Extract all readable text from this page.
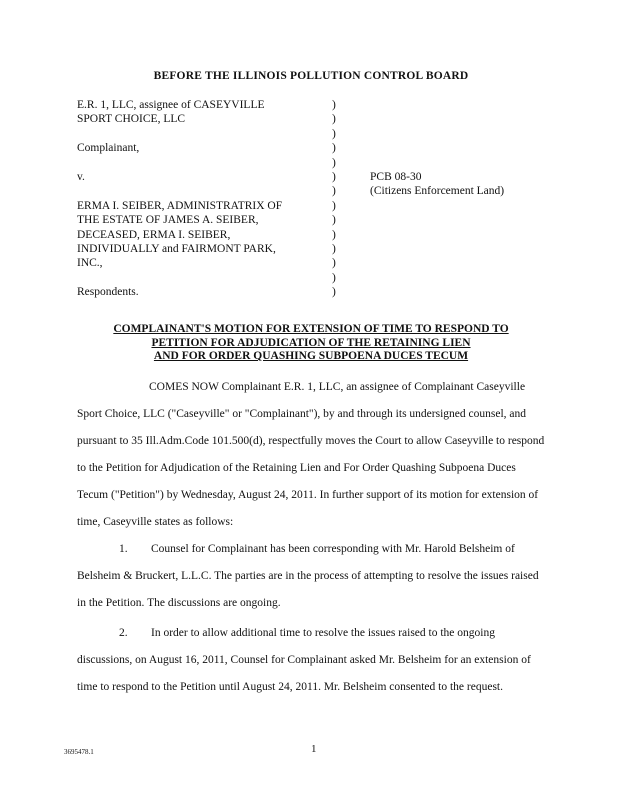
BEFORE THE ILLINOIS POLLUTION CONTROL BOARD
E.R. 1, LLC, assignee of CASEYVILLE
SPORT CHOICE, LLC
Complainant,
v.
ERMA I. SEIBER, ADMINISTRATRIX OF
THE ESTATE OF JAMES A. SEIBER,
DECEASED, ERMA I. SEIBER,
INDIVIDUALLY and FAIRMONT PARK,
INC.,
Respondents.
)
)
)
)
)
)
)
)
)
)
)
)
)
)
PCB 08-30
(Citizens Enforcement Land)
COMPLAINANT'S MOTION FOR EXTENSION OF TIME TO RESPOND TO
PETITION FOR ADJUDICATION OF THE RETAINING LIEN
AND FOR ORDER QUASHING SUBPOENA DUCES TECUM
COMES NOW Complainant E.R. 1, LLC, an assignee of Complainant Caseyville Sport Choice, LLC ("Caseyville" or "Complainant"), by and through its undersigned counsel, and pursuant to 35 Ill.Adm.Code 101.500(d), respectfully moves the Court to allow Caseyville to respond to the Petition for Adjudication of the Retaining Lien and For Order Quashing Subpoena Duces Tecum ("Petition") by Wednesday, August 24, 2011. In further support of its motion for extension of time, Caseyville states as follows:
1. Counsel for Complainant has been corresponding with Mr. Harold Belsheim of Belsheim & Bruckert, L.L.C. The parties are in the process of attempting to resolve the issues raised in the Petition. The discussions are ongoing.
2. In order to allow additional time to resolve the issues raised to the ongoing discussions, on August 16, 2011, Counsel for Complainant asked Mr. Belsheim for an extension of time to respond to the Petition until August 24, 2011. Mr. Belsheim consented to the request.
3695478.1	1
